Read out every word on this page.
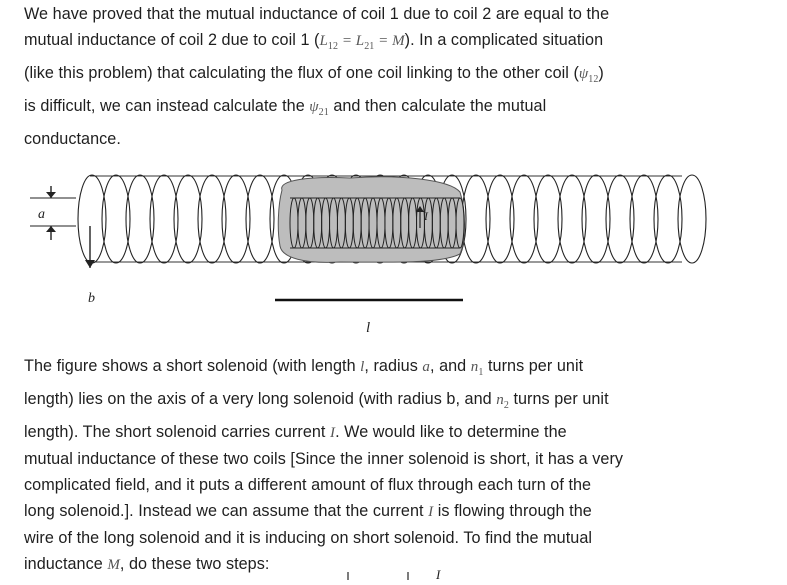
We have proved that the mutual inductance of coil 1 due to coil 2 are equal to the
mutual inductance of coil 2 due to coil 1 $(L_{12} = L_{21} = M)$. In a complicated situation
(like this problem) that calculating the flux of one coil linking to the other coil $(\psi_{12})$
is difficult, we can instead calculate the $\psi_{21}$ and then calculate the mutual
conductance.
a
b
I
l
The figure shows a short solenoid (with length l, radius a, and $n_1$ turns per unit
length) lies on the axis of a very long solenoid (with radius b, and $n_2$ turns per unit
length). The short solenoid carries current I. We would like to determine the
mutual inductance of these two coils [Since the inner solenoid is short, it has a very
complicated field, and it puts a different amount of flux through each turn of the
long solenoid.]. Instead we can assume that the current I is flowing through the
wire of the long solenoid and it is inducing on short solenoid. To find the mutual
inductance M, do these two steps:
I
